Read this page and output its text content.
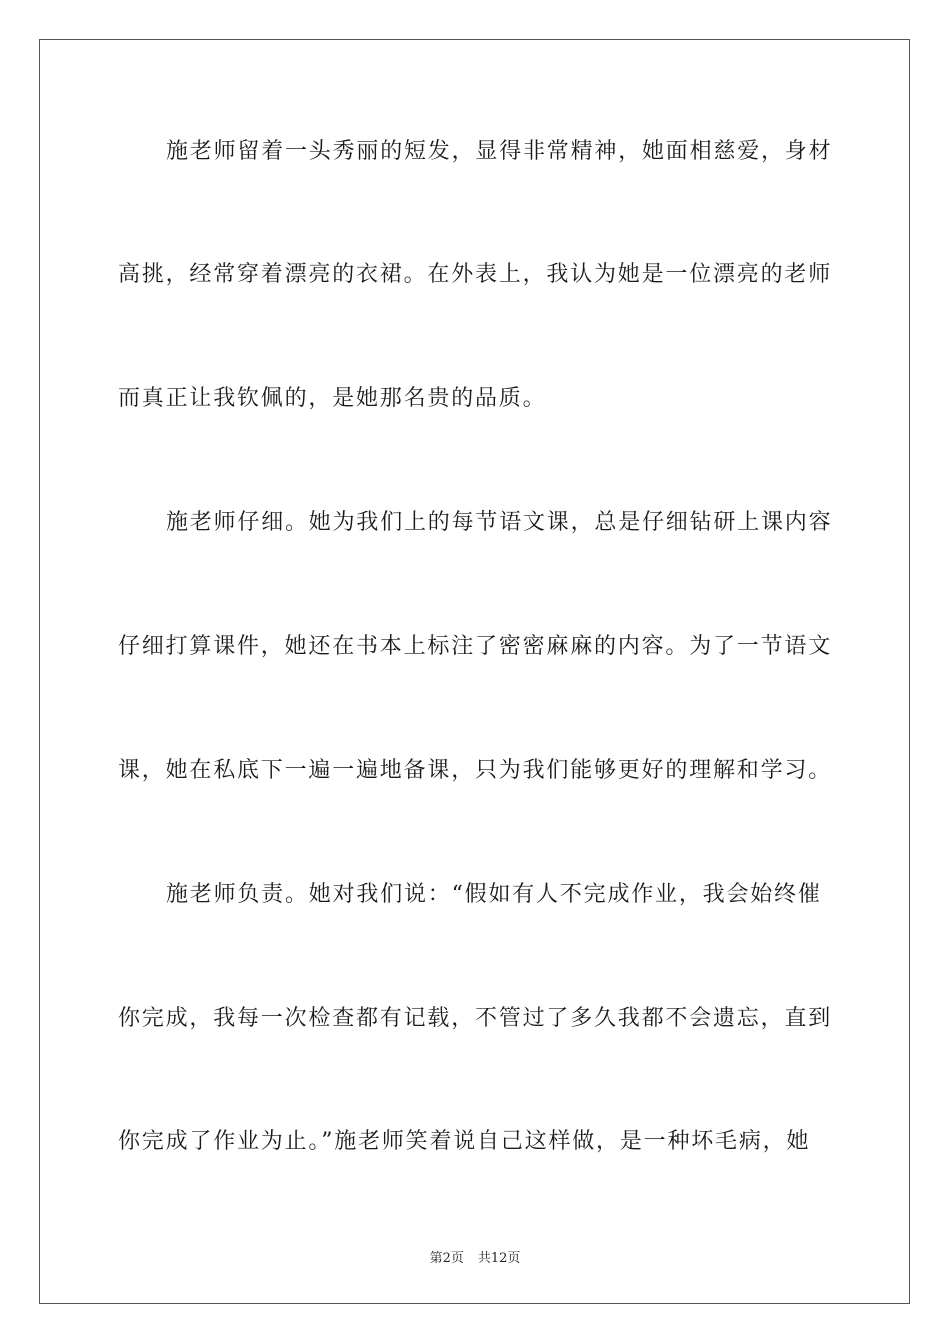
施老师留着一头秀丽的短发，显得非常精神，她面相慈爱，身材
高挑，经常穿着漂亮的衣裙。在外表上，我认为她是一位漂亮的老师
而真正让我钦佩的，是她那名贵的品质。
施老师仔细。她为我们上的每节语文课，总是仔细钻研上课内容
仔细打算课件，她还在书本上标注了密密麻麻的内容。为了一节语文
课，她在私底下一遍一遍地备课，只为我们能够更好的理解和学习。
施老师负责。她对我们说：“假如有人不完成作业，我会始终催
你完成，我每一次检查都有记载，不管过了多久我都不会遗忘，直到
你完成了作业为止。”施老师笑着说自己这样做，是一种坏毛病，她
第2页 共12页
